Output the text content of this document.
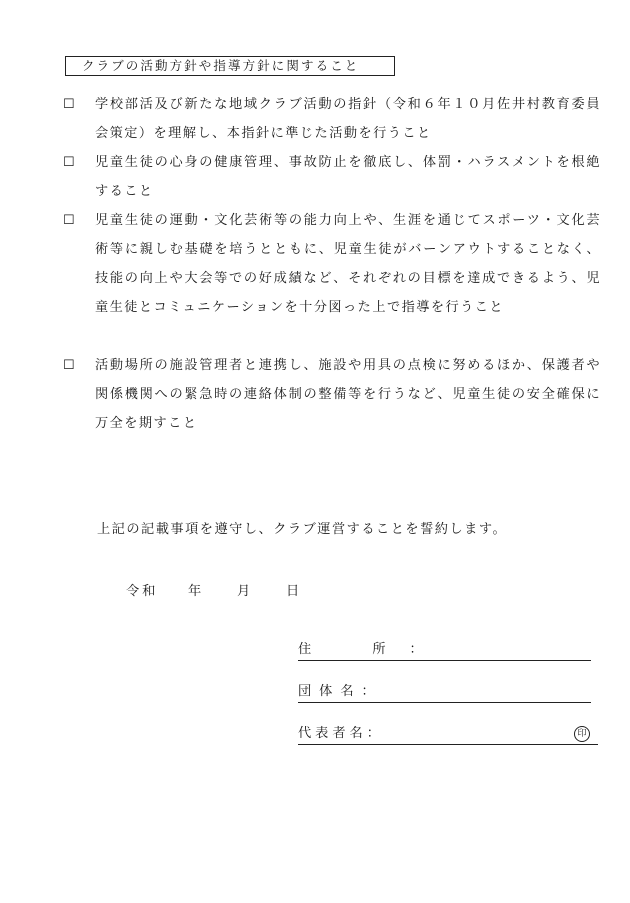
クラブの活動方針や指導方針に関すること
☐ 学校部活及び新たな地域クラブ活動の指針（令和６年１０月佐井村教育委員会策定）を理解し、本指針に準じた活動を行うこと
☐ 児童生徒の心身の健康管理、事故防止を徹底し、体罰・ハラスメントを根絶すること
☐ 児童生徒の運動・文化芸術等の能力向上や、生涯を通じてスポーツ・文化芸術等に親しむ基礎を培うとともに、児童生徒がバーンアウトすることなく、技能の向上や大会等での好成績など、それぞれの目標を達成できるよう、児童生徒とコミュニケーションを十分図った上で指導を行うこと
☐ 活動場所の施設管理者と連携し、施設や用具の点検に努めるほか、保護者や関係機関への緊急時の連絡体制の整備等を行うなど、児童生徒の安全確保に万全を期すこと
上記の記載事項を遵守し、クラブ運営することを誓約します。
令和 年	月	日
住　所：
団体名：
代表者名：	印
